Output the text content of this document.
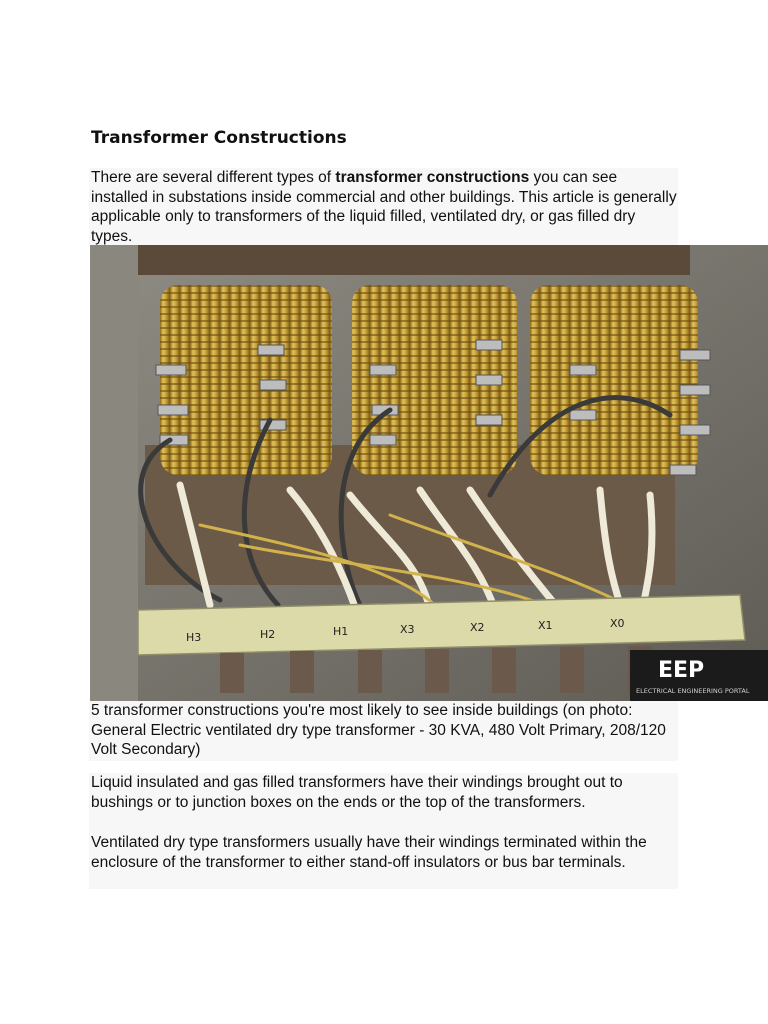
Transformer Constructions
There are several different types of transformer constructions you can see installed in substations inside commercial and other buildings. This article is generally applicable only to transformers of the liquid filled, ventilated dry, or gas filled dry types.
H3	H2	H1	X3	X2	X1	X0
EEP
ELECTRICAL ENGINEERING PORTAL
5 transformer constructions you're most likely to see inside buildings (on photo: General Electric ventilated dry type transformer - 30 KVA, 480 Volt Primary, 208/120 Volt Secondary)
Liquid insulated and gas filled transformers have their windings brought out to bushings or to junction boxes on the ends or the top of the transformers.
Ventilated dry type transformers usually have their windings terminated within the enclosure of the transformer to either stand-off insulators or bus bar terminals.
